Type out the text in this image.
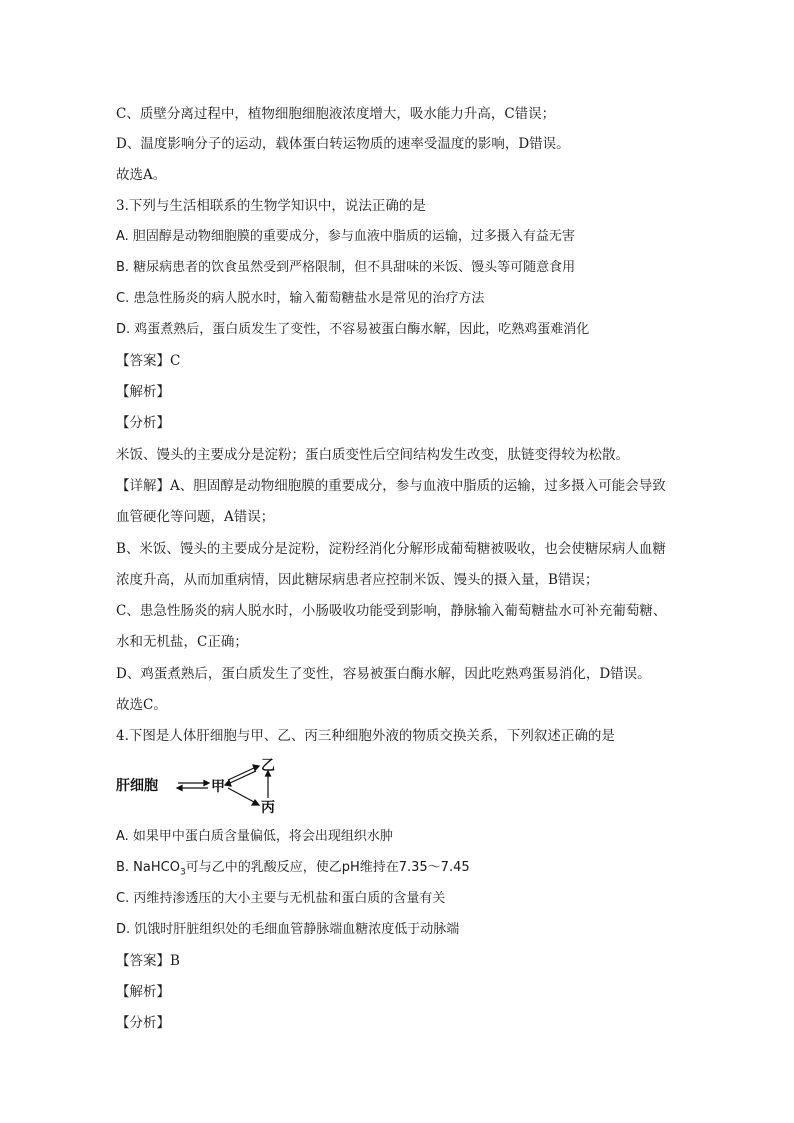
C、质壁分离过程中，植物细胞细胞液浓度增大，吸水能力升高，C错误；
D、温度影响分子的运动，载体蛋白转运物质的速率受温度的影响，D错误。
故选A。
3.下列与生活相联系的生物学知识中，说法正确的是
A. 胆固醇是动物细胞膜的重要成分，参与血液中脂质的运输，过多摄入有益无害
B. 糖尿病患者的饮食虽然受到严格限制，但不具甜味的米饭、馒头等可随意食用
C. 患急性肠炎的病人脱水时，输入葡萄糖盐水是常见的治疗方法
D. 鸡蛋煮熟后，蛋白质发生了变性，不容易被蛋白酶水解，因此，吃熟鸡蛋难消化
【答案】C
【解析】
【分析】
米饭、馒头的主要成分是淀粉；蛋白质变性后空间结构发生改变，肽链变得较为松散。
【详解】A、胆固醇是动物细胞膜的重要成分，参与血液中脂质的运输，过多摄入可能会导致
血管硬化等问题，A错误；
B、米饭、馒头的主要成分是淀粉，淀粉经消化分解形成葡萄糖被吸收，也会使糖尿病人血糖
浓度升高，从而加重病情，因此糖尿病患者应控制米饭、馒头的摄入量，B错误；
C、患急性肠炎的病人脱水时，小肠吸收功能受到影响，静脉输入葡萄糖盐水可补充葡萄糖、
水和无机盐，C正确；
D、鸡蛋煮熟后，蛋白质发生了变性，容易被蛋白酶水解，因此吃熟鸡蛋易消化，D错误。
故选C。
4.下图是人体肝细胞与甲、乙、丙三种细胞外液的物质交换关系，下列叙述正确的是
肝细胞	甲
乙
丙
A. 如果甲中蛋白质含量偏低，将会出现组织水肿
B. NaHCO$_3$可与乙中的乳酸反应，使乙pH维持在7.35～7.45
C. 丙维持渗透压的大小主要与无机盐和蛋白质的含量有关
D. 饥饿时肝脏组织处的毛细血管静脉端血糖浓度低于动脉端
【答案】B
【解析】
【分析】
